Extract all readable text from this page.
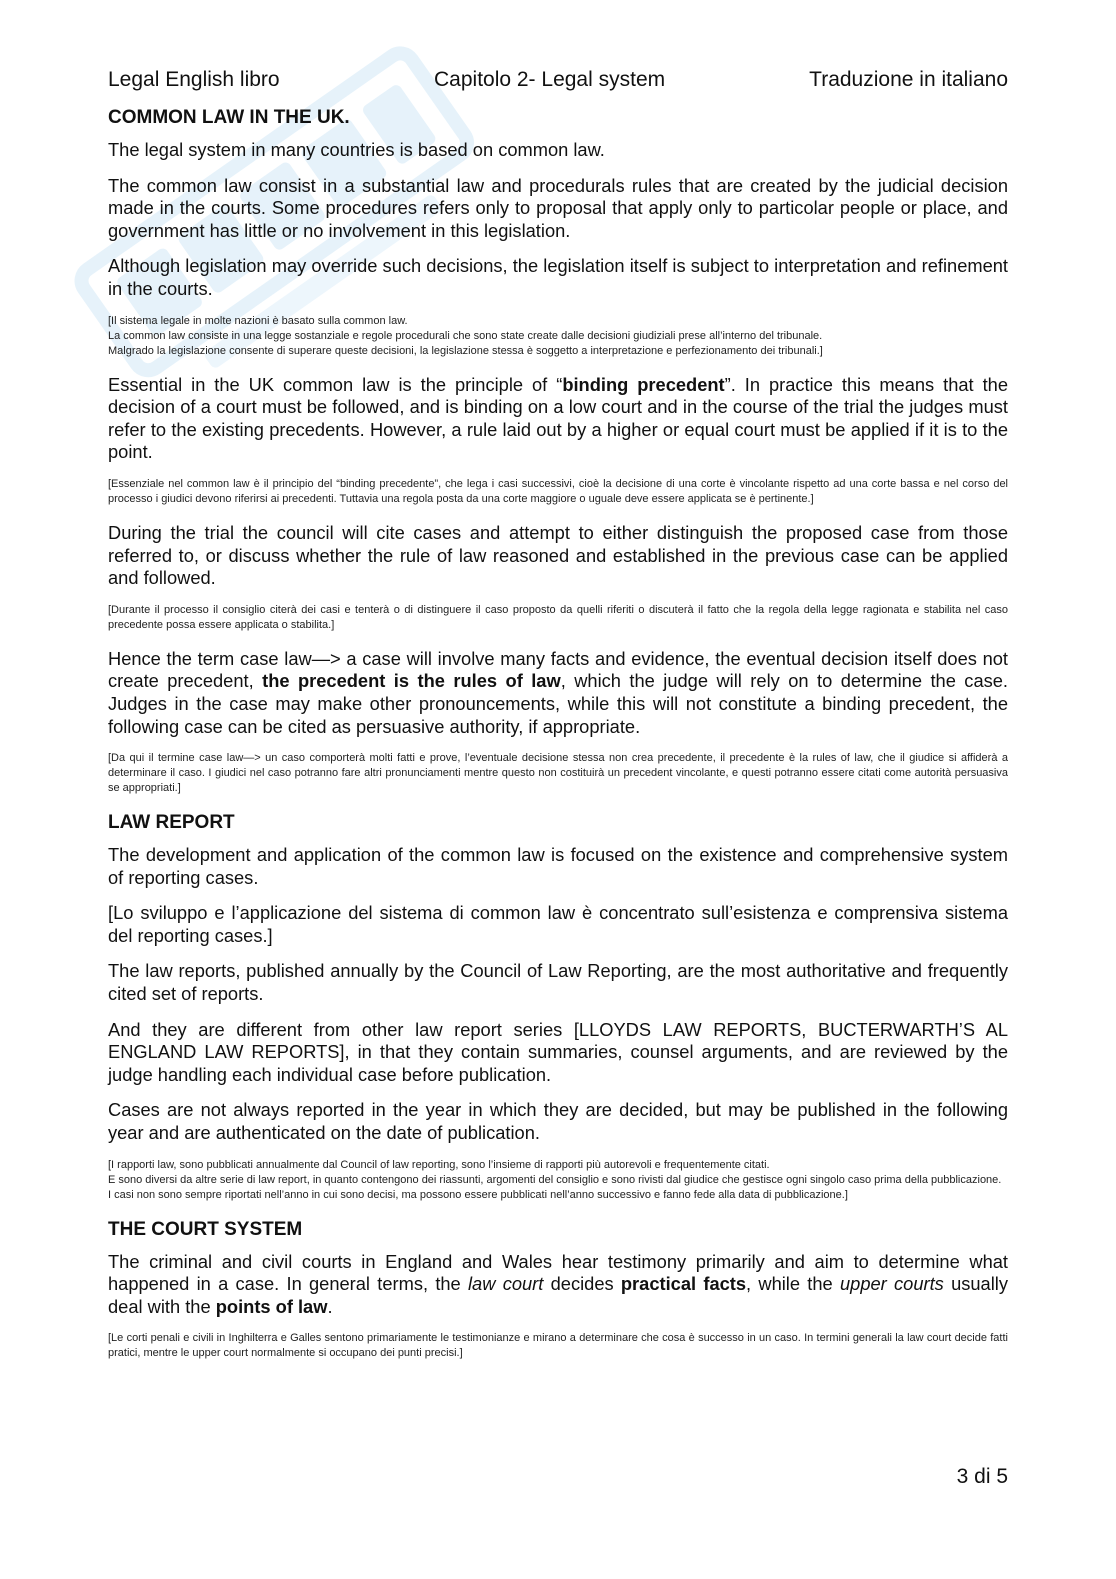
Legal English libro	Capitolo 2- Legal system	Traduzione in italiano

COMMON LAW IN THE UK.

The legal system in many countries is based on common law.

The common law consist in a substantial law and procedurals rules that are created by the judicial decision made in the courts. Some procedures refers only to proposal that apply only to particolar people or place, and government has little or no involvement in this legislation.

Although legislation may override such decisions, the legislation itself is subject to interpretation and refinement in the courts.

[Il sistema legale in molte nazioni è basato sulla common law.
La common law consiste in una legge sostanziale e regole procedurali che sono state create dalle decisioni giudiziali prese all’interno del tribunale.
Malgrado la legislazione consente di superare queste decisioni, la legislazione stessa è soggetto a interpretazione e perfezionamento dei tribunali.]

Essential in the UK common law is the principle of “binding precedent”. In practice this means that the decision of a court must be followed, and is binding on a low court and in the course of the trial the judges must refer to the existing precedents. However, a rule laid out by a higher or equal court must be applied if it is to the point.

[Essenziale nel common law è il principio del “binding precedente”, che lega i casi successivi, cioè la decisione di una corte è vincolante rispetto ad una corte bassa e nel corso del processo i giudici devono riferirsi ai precedenti. Tuttavia una regola posta da una corte maggiore o uguale deve essere applicata se è pertinente.]

During the trial the council will cite cases and attempt to either distinguish the proposed case from those referred to, or discuss whether the rule of law reasoned and established in the previous case can be applied and followed.

[Durante il processo il consiglio citerà dei casi e tenterà o di distinguere il caso proposto da quelli riferiti o discuterà il fatto che la regola della legge ragionata e stabilita nel caso precedente possa essere applicata o stabilita.]

Hence the term case law—> a case will involve many facts and evidence, the eventual decision itself does not create precedent, the precedent is the rules of law, which the judge will rely on to determine the case. Judges in the case may make other pronouncements, while this will not constitute a binding precedent, the following case can be cited as persuasive authority, if appropriate.

[Da qui il termine case law—> un caso comporterà molti fatti e prove, l’eventuale decisione stessa non crea precedente, il precedente è la rules of law, che il giudice si affiderà a determinare il caso. I giudici nel caso potranno fare altri pronunciamenti mentre questo non costituirà un precedent vincolante, e questi potranno essere citati come autorità persuasiva se appropriati.]

LAW REPORT

The development and application of the common law is focused on the existence and comprehensive system of reporting cases.

[Lo sviluppo e l’applicazione del sistema di common law è concentrato sull’esistenza e comprensiva sistema del reporting cases.]

The law reports, published annually by the Council of Law Reporting, are the most authoritative and frequently cited set of reports.

And they are different from other law report series [LLOYDS LAW REPORTS, BUCTERWARTH’S AL ENGLAND LAW REPORTS], in that they contain summaries, counsel arguments, and are reviewed by the judge handling each individual case before publication.

Cases are not always reported in the year in which they are decided, but may be published in the following year and are authenticated on the date of publication.

[I rapporti law, sono pubblicati annualmente dal Council of law reporting, sono l’insieme di rapporti più autorevoli e frequentemente citati.
E sono diversi da altre serie di law report, in quanto contengono dei riassunti, argomenti del consiglio e sono rivisti dal giudice che gestisce ogni singolo caso prima della pubblicazione.
I casi non sono sempre riportati nell’anno in cui sono decisi, ma possono essere pubblicati nell’anno successivo e fanno fede alla data di pubblicazione.]

THE COURT SYSTEM

The criminal and civil courts in England and Wales hear testimony primarily and aim to determine what happened in a case. In general terms, the law court decides practical facts, while the upper courts usually deal with the points of law.

[Le corti penali e civili in Inghilterra e Galles sentono primariamente le testimonianze e mirano a determinare che cosa è successo in un caso. In termini generali la law court decide fatti pratici, mentre le upper court normalmente si occupano dei punti precisi.]

3 di 5
